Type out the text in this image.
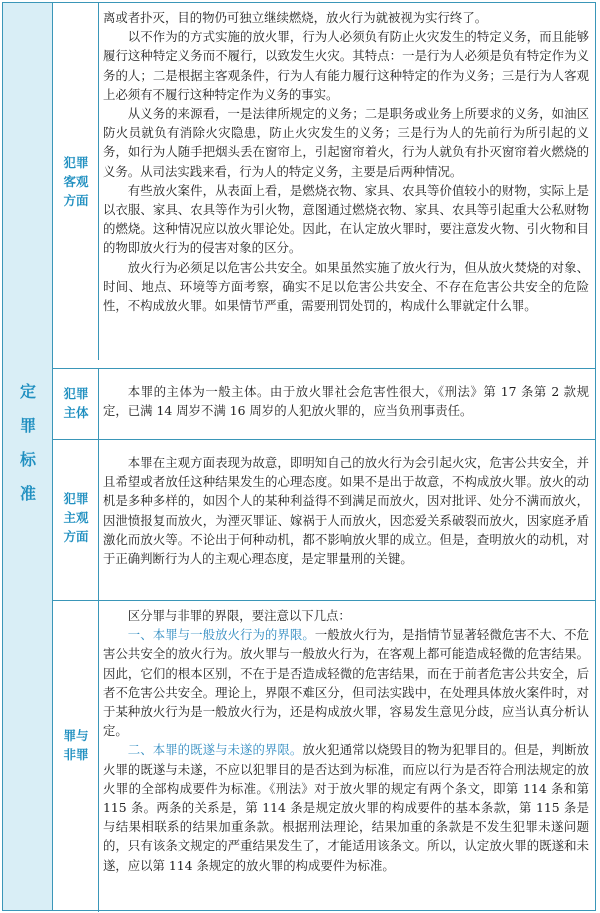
定
罪
标
准
犯罪
客观
方面

离或者扑灭，目的物仍可独立继续燃烧，放火行为就被视为实行终了。

以不作为的方式实施的放火罪，行为人必须负有防止火灾发生的特定义务，而且能够履行这种特定义务而不履行，以致发生火灾。其特点：一是行为人必须是负有特定作为义务的人；二是根据主客观条件，行为人有能力履行这种特定的作为义务；三是行为人客观上必须有不履行这种特定作为义务的事实。

从义务的来源看，一是法律所规定的义务；二是职务或业务上所要求的义务，如油区防火员就负有消除火灾隐患，防止火灾发生的义务；三是行为人的先前行为所引起的义务，如行为人随手把烟头丢在窗帘上，引起窗帘着火，行为人就负有扑灭窗帘着火燃烧的义务。从司法实践来看，行为人的特定义务，主要是后两种情况。

有些放火案件，从表面上看，是燃烧衣物、家具、农具等价值较小的财物，实际上是以衣服、家具、农具等作为引火物，意图通过燃烧衣物、家具、农具等引起重大公私财物的燃烧。这种情况应以放火罪论处。因此，在认定放火罪时，要注意发火物、引火物和目的物即放火行为的侵害对象的区分。

放火行为必须足以危害公共安全。如果虽然实施了放火行为，但从放火焚烧的对象、时间、地点、环境等方面考察，确实不足以危害公共安全、不存在危害公共安全的危险性，不构成放火罪。如果情节严重，需要刑罚处罚的，构成什么罪就定什么罪。

犯罪
主体

本罪的主体为一般主体。由于放火罪社会危害性很大，《刑法》第 17 条第 2 款规定，已满 14 周岁不满 16 周岁的人犯放火罪的，应当负刑事责任。

犯罪
主观
方面

本罪在主观方面表现为故意，即明知自己的放火行为会引起火灾，危害公共安全，并且希望或者放任这种结果发生的心理态度。如果不是出于故意，不构成放火罪。放火的动机是多种多样的，如因个人的某种利益得不到满足而放火，因对批评、处分不满而放火，因泄愤报复而放火，为湮灭罪证、嫁祸于人而放火，因恋爱关系破裂而放火，因家庭矛盾激化而放火等。不论出于何种动机，都不影响放火罪的成立。但是，查明放火的动机，对于正确判断行为人的主观心理态度，是定罪量刑的关键。

罪与
非罪

区分罪与非罪的界限，要注意以下几点：

一、本罪与一般放火行为的界限。一般放火行为，是指情节显著轻微危害不大、不危害公共安全的放火行为。放火罪与一般放火行为，在客观上都可能造成轻微的危害结果。因此，它们的根本区别，不在于是否造成轻微的危害结果，而在于前者危害公共安全，后者不危害公共安全。理论上，界限不难区分，但司法实践中，在处理具体放火案件时，对于某种放火行为是一般放火行为，还是构成放火罪，容易发生意见分歧，应当认真分析认定。

二、本罪的既遂与未遂的界限。放火犯通常以烧毁目的物为犯罪目的。但是，判断放火罪的既遂与未遂，不应以犯罪目的是否达到为标准，而应以行为是否符合刑法规定的放火罪的全部构成要件为标准。《刑法》对于放火罪的规定有两个条文，即第 114 条和第 115 条。两条的关系是，第 114 条是规定放火罪的构成要件的基本条款，第 115 条是与结果相联系的结果加重条款。根据刑法理论，结果加重的条款是不发生犯罪未遂问题的，只有该条文规定的严重结果发生了，才能适用该条文。所以，认定放火罪的既遂和未遂，应以第 114 条规定的放火罪的构成要件为标准。
